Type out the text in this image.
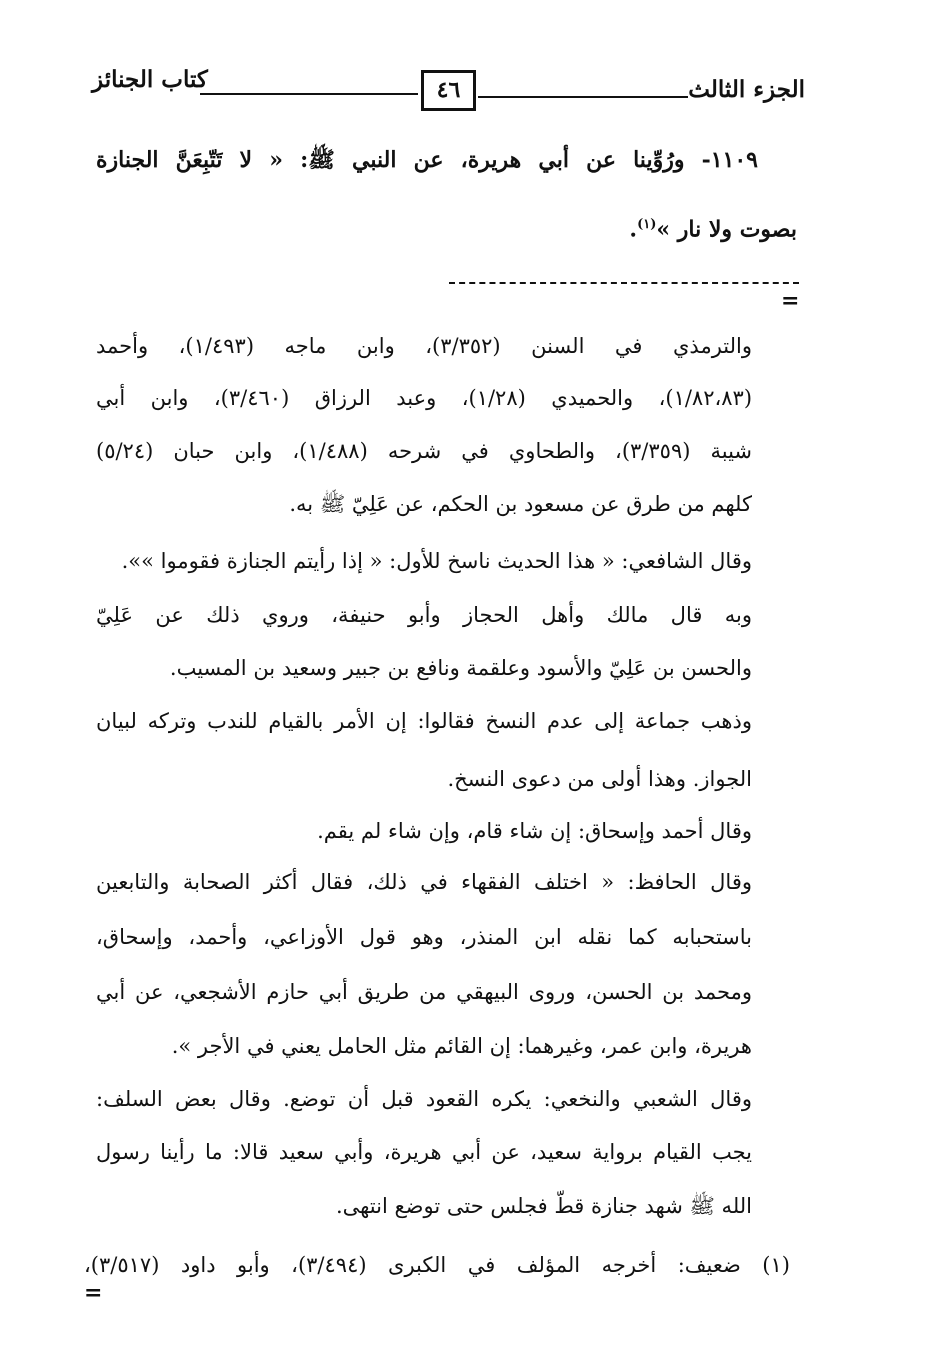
كتاب الجنائز	٤٦	الجزء الثالث
١١٠٩- ورُوِّينا عن أبي هريرة، عن النبي ﷺ: « لا تَتّبِعَنَّ الجنازة
بصوت ولا نار »$^{(١)}$.
=
والترمذي في السنن (٣/٣٥٢)، وابن ماجه (١/٤٩٣)، وأحمد
(١/٨٢،٨٣)، والحميدي (١/٢٨)، وعبد الرزاق (٣/٤٦٠)، وابن أبي
شيبة (٣/٣٥٩)، والطحاوي في شرحه (١/٤٨٨)، وابن حبان (٥/٢٤)
كلهم من طرق عن مسعود بن الحكم، عن عَلِيّ ﷺ به.
وقال الشافعي: « هذا الحديث ناسخ للأول: « إذا رأيتم الجنازة فقوموا »».
وبه قال مالك وأهل الحجاز وأبو حنيفة، وروي ذلك عن عَلِيّ
والحسن بن عَلِيّ والأسود وعلقمة ونافع بن جبير وسعيد بن المسيب.
وذهب جماعة إلى عدم النسخ فقالوا: إن الأمر بالقيام للندب وتركه لبيان
الجواز. وهذا أولى من دعوى النسخ.
وقال أحمد وإسحاق: إن شاء قام، وإن شاء لم يقم.
وقال الحافظ: « اختلف الفقهاء في ذلك، فقال أكثر الصحابة والتابعين
باستحبابه كما نقله ابن المنذر، وهو قول الأوزاعي، وأحمد، وإسحاق،
ومحمد بن الحسن، وروى البيهقي من طريق أبي حازم الأشجعي، عن أبي
هريرة، وابن عمر، وغيرهما: إن القائم مثل الحامل يعني في الأجر ».
وقال الشعبي والنخعي: يكره القعود قبل أن توضع. وقال بعض السلف:
يجب القيام برواية سعيد، عن أبي هريرة، وأبي سعيد قالا: ما رأينا رسول
الله ﷺ شهد جنازة قطّ فجلس حتى توضع انتهى.
(١) ضعيف: أخرجه المؤلف في الكبرى (٣/٤٩٤)، وأبو داود (٣/٥١٧)،
=
